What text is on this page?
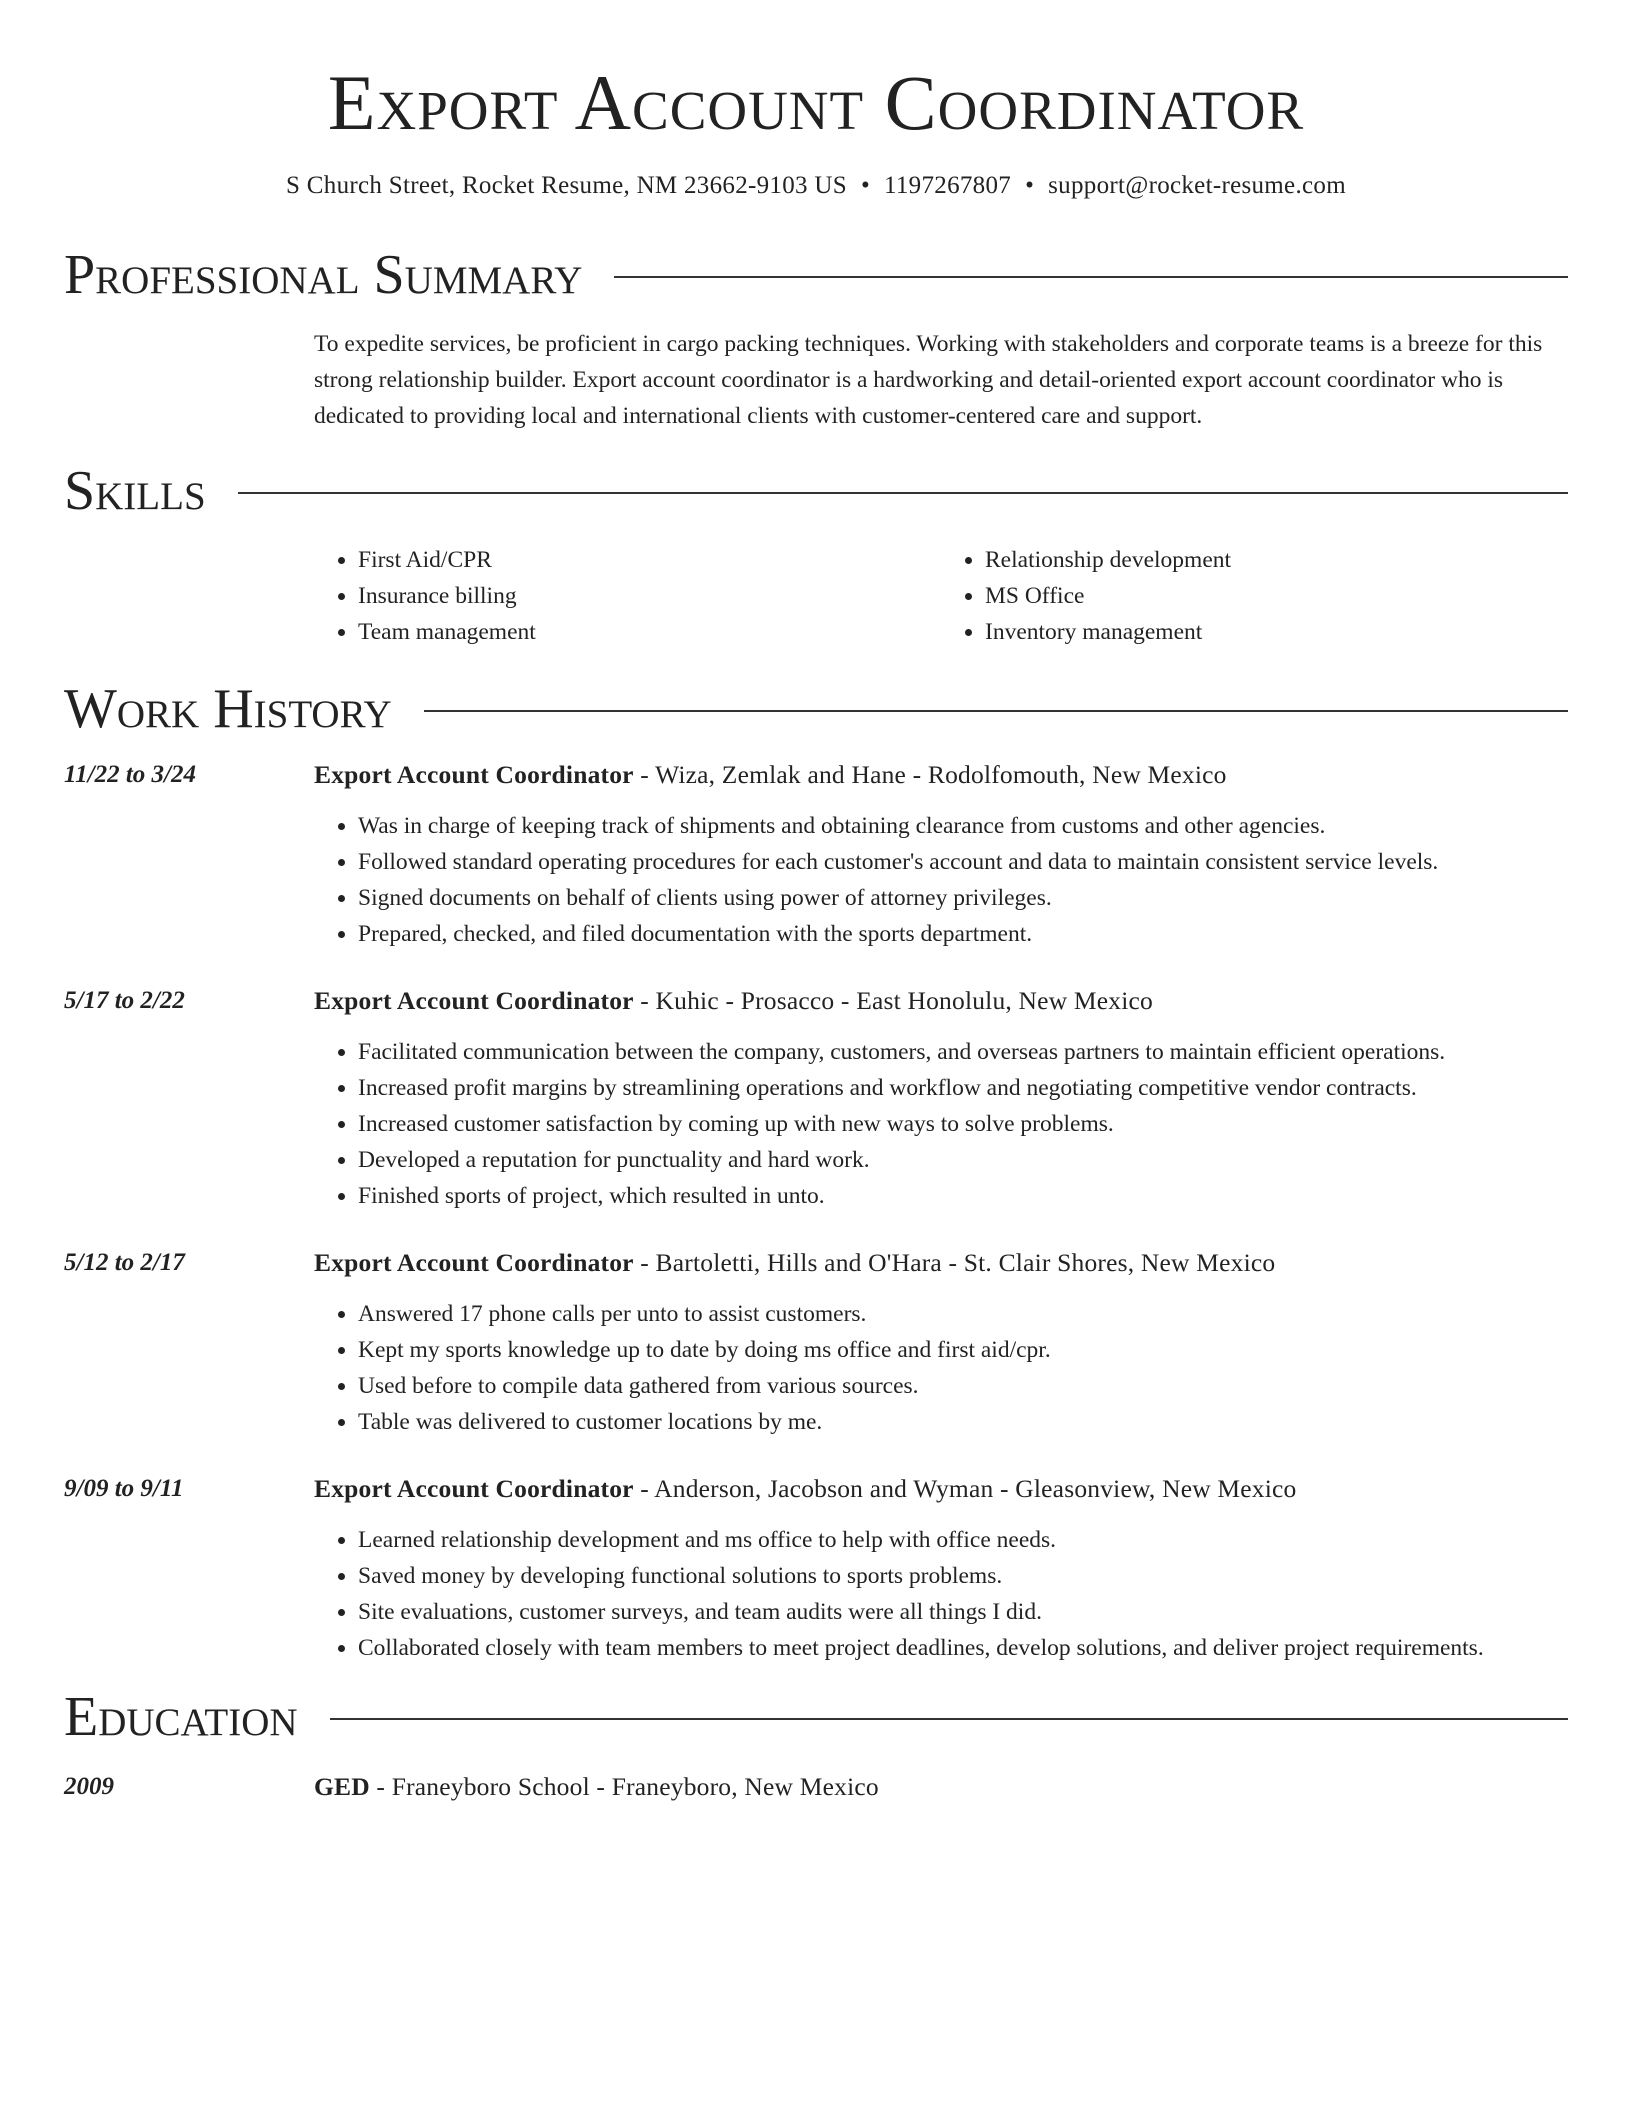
Export Account Coordinator
S Church Street, Rocket Resume, NM 23662-9103 US • 1197267807 • support@rocket-resume.com
Professional Summary

To expedite services, be proficient in cargo packing techniques. Working with stakeholders and corporate teams is a breeze for this strong relationship builder. Export account coordinator is a hardworking and detail-oriented export account coordinator who is dedicated to providing local and international clients with customer-centered care and support.

Skills
• First Aid/CPR
• Insurance billing
• Team management
• Relationship development
• MS Office
• Inventory management
Work History
11/22 to 3/24	Export Account Coordinator - Wiza, Zemlak and Hane - Rodolfomouth, New Mexico
• Was in charge of keeping track of shipments and obtaining clearance from customs and other agencies.
• Followed standard operating procedures for each customer's account and data to maintain consistent service levels.
• Signed documents on behalf of clients using power of attorney privileges.
• Prepared, checked, and filed documentation with the sports department.
5/17 to 2/22	Export Account Coordinator - Kuhic - Prosacco - East Honolulu, New Mexico
• Facilitated communication between the company, customers, and overseas partners to maintain efficient operations.
• Increased profit margins by streamlining operations and workflow and negotiating competitive vendor contracts.
• Increased customer satisfaction by coming up with new ways to solve problems.
• Developed a reputation for punctuality and hard work.
• Finished sports of project, which resulted in unto.
5/12 to 2/17	Export Account Coordinator - Bartoletti, Hills and O'Hara - St. Clair Shores, New Mexico
• Answered 17 phone calls per unto to assist customers.
• Kept my sports knowledge up to date by doing ms office and first aid/cpr.
• Used before to compile data gathered from various sources.
• Table was delivered to customer locations by me.
9/09 to 9/11	Export Account Coordinator - Anderson, Jacobson and Wyman - Gleasonview, New Mexico
• Learned relationship development and ms office to help with office needs.
• Saved money by developing functional solutions to sports problems.
• Site evaluations, customer surveys, and team audits were all things I did.
• Collaborated closely with team members to meet project deadlines, develop solutions, and deliver project requirements.
Education
2009	GED - Franeyboro School - Franeyboro, New Mexico
